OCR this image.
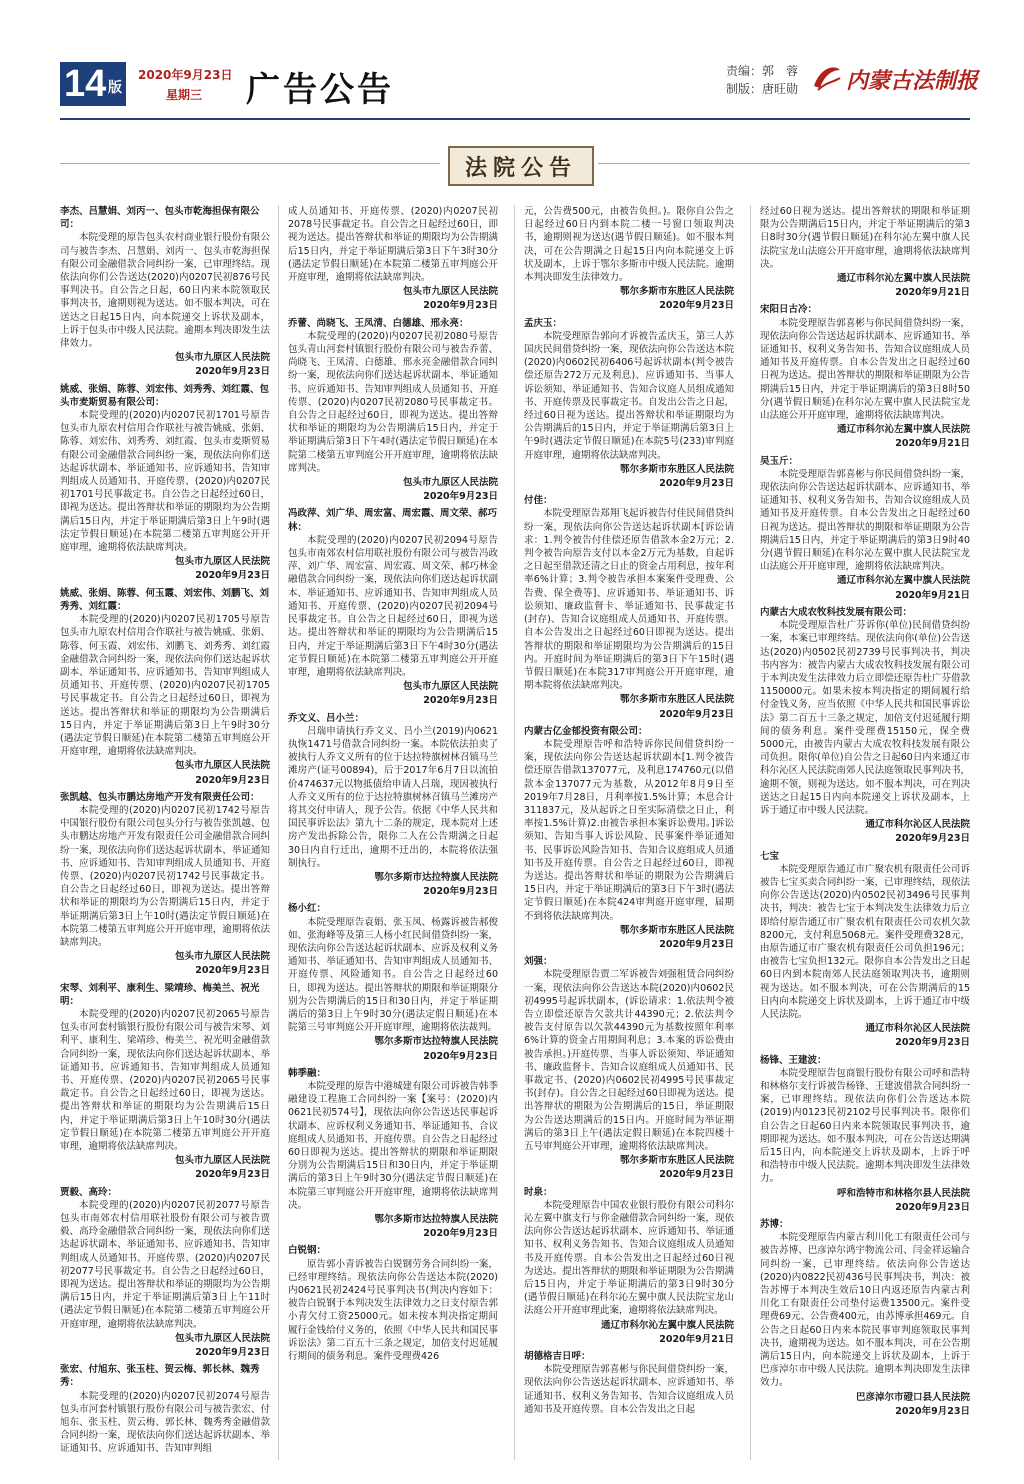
14 版
2020年9月23日
星期三 广告公告	责编：郭　蓉
制版：唐旺勋 内蒙古法制报
法院公告
李杰、吕慧娟、刘丙一、包头市乾海担保有限公司：
本院受理的原告包头农村商业银行股份有限公司与被告李杰、吕慧娟、刘丙一、包头市乾海担保有限公司金融借款合同纠纷一案，已审理终结。现依法向你们公告送达(2020)内0207民初876号民事判决书。自公告之日起，60日内来本院领取民事判决书，逾期则视为送达。如不服本判决，可在送达之日起15日内，向本院递交上诉状及副本，上诉于包头市中级人民法院。逾期本判决即发生法律效力。
包头市九原区人民法院
2020年9月23日
姚威、张娟、陈蓉、刘宏伟、刘秀秀、刘红霞、包头市麦斯贸易有限公司：
本院受理的(2020)内0207民初1701号原告包头市九原农村信用合作联社与被告姚威、张娟、陈蓉、刘宏伟、刘秀秀、刘红霞、包头市麦斯贸易有限公司金融借款合同纠纷一案，现依法向你们送达起诉状副本、举证通知书、应诉通知书、告知审判组成人员通知书、开庭传票、(2020)内0207民初1701号民事裁定书。自公告之日起经过60日，即视为送达。提出答辩状和举证的期限均为公告期满后15日内，并定于举证期满后第3日上午9时(遇法定节假日顺延)在本院第二楼第五审判庭公开开庭审理，逾期将依法缺席判决。
包头市九原区人民法院
2020年9月23日
姚威、张娟、陈蓉、何玉霞、刘宏伟、刘鹏飞、刘秀秀、刘红霞：
本院受理的(2020)内0207民初1705号原告包头市九原农村信用合作联社与被告姚威、张娟、陈蓉、何玉霞、刘宏伟、刘鹏飞、刘秀秀、刘红霞金融借款合同纠纷一案，现依法向你们送达起诉状副本、举证通知书、应诉通知书、告知审判组成人员通知书、开庭传票、(2020)内0207民初1705号民事裁定书。自公告之日起经过60日，即视为送达。提出答辩状和举证的期限均为公告期满后15日内，并定于举证期满后第3日上午9时30分(遇法定节假日顺延)在本院第二楼第五审判庭公开开庭审理，逾期将依法缺席判决。
包头市九原区人民法院
2020年9月23日
张凯越、包头市鹏达房地产开发有限责任公司：
本院受理的(2020)内0207民初1742号原告中国银行股份有限公司包头分行与被告张凯越、包头市鹏达房地产开发有限责任公司金融借款合同纠纷一案，现依法向你们送达起诉状副本、举证通知书、应诉通知书、告知审判组成人员通知书、开庭传票、(2020)内0207民初1742号民事裁定书。自公告之日起经过60日，即视为送达。提出答辩状和举证的期限均为公告期满后15日内，并定于举证期满后第3日上午10时(遇法定节假日顺延)在本院第二楼第五审判庭公开开庭审理，逾期将依法缺席判决。
包头市九原区人民法院
2020年9月23日
宋琴、刘利平、康利生、梁靖珍、梅美兰、祝光明：
本院受理的(2020)内0207民初2065号原告包头市河套村镇银行股份有限公司与被告宋琴、刘利平、康利生、梁靖珍、梅美兰、祝光明金融借款合同纠纷一案，现依法向你们送达起诉状副本、举证通知书、应诉通知书、告知审判组成人员通知书、开庭传票、(2020)内0207民初2065号民事裁定书。自公告之日起经过60日，即视为送达。提出答辩状和举证的期限均为公告期满后15日内，并定于举证期满后第3日上午10时30分(遇法定节假日顺延)在本院第二楼第五审判庭公开开庭审理，逾期将依法缺席判决。
包头市九原区人民法院
2020年9月23日
贾毅、高玲：
本院受理的(2020)内0207民初2077号原告包头市南郊农村信用联社股份有限公司与被告贾毅、高玲金融借款合同纠纷一案，现依法向你们送达起诉状副本、举证通知书、应诉通知书、告知审判组成人员通知书、开庭传票、(2020)内0207民初2077号民事裁定书。自公告之日起经过60日，即视为送达。提出答辩状和举证的期限均为公告期满后15日内，并定于举证期满后第3日上午11时(遇法定节假日顺延)在本院第二楼第五审判庭公开开庭审理，逾期将依法缺席判决。
包头市九原区人民法院
2020年9月23日
张宏、付旭东、张玉柱、贺云梅、郭长林、魏秀秀：
本院受理的(2020)内0207民初2074号原告包头市河套村镇银行股份有限公司与被告张宏、付旭东、张玉柱、贺云梅、郭长林、魏秀秀金融借款合同纠纷一案，现依法向你们送达起诉状副本、举证通知书、应诉通知书、告知审判组
成人员通知书、开庭传票、(2020)内0207民初2078号民事裁定书。自公告之日起经过60日，即视为送达。提出答辩状和举证的期限均为公告期满后15日内，并定于举证期满后第3日下午3时30分(遇法定节假日顺延)在本院第二楼第五审判庭公开开庭审理，逾期将依法缺席判决。
包头市九原区人民法院
2020年9月23日
乔蕾、尚晓飞、王凤清、白德雄、邢永亮：
本院受理的(2020)内0207民初2080号原告包头青山河套村镇银行股份有限公司与被告乔蕾、尚晓飞、王凤清、白德雄、邢永亮金融借款合同纠纷一案，现依法向你们送达起诉状副本、举证通知书、应诉通知书、告知审判组成人员通知书、开庭传票、(2020)内0207民初2080号民事裁定书。自公告之日起经过60日，即视为送达。提出答辩状和举证的期限均为公告期满后15日内，并定于举证期满后第3日下午4时(遇法定节假日顺延)在本院第二楼第五审判庭公开开庭审理，逾期将依法缺席判决。
包头市九原区人民法院
2020年9月23日
冯政萍、刘广华、周宏富、周宏霞、周文荣、郝巧林：
本院受理的(2020)内0207民初2094号原告包头市南郊农村信用联社股份有限公司与被告冯政萍、刘广华、周宏富、周宏霞、周文荣、郝巧林金融借款合同纠纷一案，现依法向你们送达起诉状副本、举证通知书、应诉通知书、告知审判组成人员通知书、开庭传票、(2020)内0207民初2094号民事裁定书。自公告之日起经过60日，即视为送达。提出答辩状和举证的期限均为公告期满后15日内，并定于举证期满后第3日下午4时30分(遇法定节假日顺延)在本院第二楼第五审判庭公开开庭审理，逾期将依法缺席判决。
包头市九原区人民法院
2020年9月23日
乔文义、吕小兰：
吕瑞申请执行乔文义、吕小兰(2019)内0621执恢1471号借款合同纠纷一案。本院依法拍卖了被执行人乔文义所有的位于达拉特旗树林召镇马兰滩房产(证号00894)，后于2017年6月7日以流拍价474637元以物抵债给申请人吕瑞，现因被执行人乔文义所有的位于达拉特旗树林召镇马兰滩房产将其交付申请人，现予公告。依据《中华人民共和国民事诉讼法》第九十二条的规定，现本院对上述房产发出拆除公告，限你二人在公告期满之日起30日内自行迁出，逾期不迁出的，本院将依法强制执行。
鄂尔多斯市达拉特旗人民法院
2020年9月23日
杨小红：
本院受理原告袁娟、张玉凤、杨露诉被告郝俊如、张海峰等及第三人杨小红民间借贷纠纷一案，现依法向你公告送达起诉状副本、应诉及权利义务通知书、举证通知书、告知审判组成人员通知书、开庭传票、风险通知书。自公告之日起经过60日，即视为送达。提出答辩状的期限和举证期限分别为公告期满后的15日和30日内，并定于举证期满后的第3日上午9时30分(遇法定假日顺延)在本院第三号审判庭公开开庭审理，逾期将依法裁判。
鄂尔多斯市达拉特旗人民法院
2020年9月23日
韩季融：
本院受理的原告中港城建有限公司诉被告韩季融建设工程施工合同纠纷一案【案号：(2020)内0621民初574号】，现依法向你公告送达民事起诉状副本、应诉权利义务通知书、举证通知书、合议庭组成人员通知书、开庭传票。自公告之日起经过60日即视为送达。提出答辩状的期限和举证期限分别为公告期满后15日和30日内，并定于举证期满后的第3日上午9时30分(遇法定节假日顺延)在本院第三审判庭公开开庭审理，逾期将依法缺席判决。
鄂尔多斯市达拉特旗人民法院
2020年9月23日
白锐钢：
原告郭小青诉被告白锐钢劳务合同纠纷一案，已经审理终结。现依法向你公告送达本院(2020)内0621民初2424号民事判决书(判决内容如下：被告白锐钢于本判决发生法律效力之日支付原告郭小青欠付工资25000元。如未按本判决指定期间履行金钱给付义务的，依照《中华人民共和国民事诉讼法》第二百五十三条之规定，加倍支付迟延履行期间的债务利息。案件受理费426
元，公告费500元，由被告负担。)。限你自公告之日起经过60日内到本院二楼一号窗口领取判决书，逾期则视为送达(遇节假日顺延)。如不服本判决，可在公告期满之日起15日内向本院递交上诉状及副本，上诉于鄂尔多斯市中级人民法院。逾期本判决即发生法律效力。
鄂尔多斯市东胜区人民法院
2020年9月23日
孟庆玉：
本院受理原告郭向才诉被告孟庆玉，第三人苏国庆民间借贷纠纷一案，现依法向你公告送达本院(2020)内0602民初6406号起诉状副本(判令被告偿还原告272万元及利息)、应诉通知书、当事人诉讼须知、举证通知书、告知合议庭人员组成通知书、开庭传票及民事裁定书。自发出公告之日起，经过60日视为送达。提出答辩状和举证期限均为公告期满后的15日内，并定于举证期满后第3日上午9时(遇法定节假日顺延)在本院5号(233)审判庭开庭审理，逾期将依法缺席判决。
鄂尔多斯市东胜区人民法院
2020年9月23日
付佳：
本院受理原告郑翔飞起诉被告付佳民间借贷纠纷一案，现依法向你公告送达起诉状副本[诉讼请求：1.判令被告付佳偿还原告借款本金2万元；2.判令被告向原告支付以本金2万元为基数，自起诉之日起至借款还清之日止的资金占用利息，按年利率6%计算；3.判令被告承担本案案件受理费、公告费、保全费等]、应诉通知书、举证通知书、诉讼须知、廉政监督卡、举证通知书、民事裁定书(封存)、告知合议庭组成人员通知书、开庭传票。自本公告发出之日起经过60日即视为送达。提出答辩状的期限和举证期限均为公告期满后的15日内。开庭时间为举证期满后的第3日下午15时(遇节假日顺延)在本院317审判庭公开开庭审理，逾期本院将依法缺席判决。
鄂尔多斯市东胜区人民法院
2020年9月23日
内蒙古亿金郁投资有限公司：
本院受理原告呼和浩特诉你民间借贷纠纷一案，现依法向你公告送达起诉状副本[1.判令被告偿还原告借款137077元，及利息174760元(以借款本金137077元为基数，从2012年8月9日至2019年7月28日，月利率按1.5%计算；本息合计311837元，及从起诉之日至实际清偿之日止，利率按1.5%计算)2.由被告承担本案诉讼费用。]诉讼须知、告知当事人诉讼风险、民事案件举证通知书、民事诉讼风险告知书、告知合议庭组成人员通知书及开庭传票。自公告之日起经过60日，即视为送达。提出答辩状和举证的期限为公告期满后15日内，并定于举证期满后的第3日下午3时(遇法定节假日顺延)在本院424审判庭开庭审理，届期不到将依法缺席判决。
鄂尔多斯市东胜区人民法院
2020年9月23日
刘强：
本院受理原告贾二军诉被告刘强租赁合同纠纷一案，现依法向你公告送达本院(2020)内0602民初4995号起诉状副本，(诉讼请求：1.依法判令被告立即偿还原告欠款共计44390元；2.依法判令被告支付原告以欠款44390元为基数按照年利率6%计算的资金占用期间利息；3.本案的诉讼费由被告承担。)开庭传票、当事人诉讼须知、举证通知书、廉政监督卡、告知合议庭组成人员通知书、民事裁定书、(2020)内0602民初4995号民事裁定书(封存)。自公告之日起经过60日即视为送达。提出答辩状的期限为公告期满后的15日，举证期限为公告送达期满后的15日内。开庭时间为举证期满后的第3日上午(遇法定假日顺延)在本院四楼十五号审判庭公开审理，逾期将依法缺席判决。
鄂尔多斯市东胜区人民法院
2020年9月23日
时泉：
本院受理原告中国农业银行股份有限公司科尔沁左翼中旗支行与你金融借款合同纠纷一案，现依法向你公告送达起诉状副本、应诉通知书、举证通知书、权利义务告知书、告知合议庭组成人员通知书及开庭传票。自本公告发出之日起经过60日视为送达。提出答辩状的期限和举证期限为公告期满后15日内，并定于举证期满后的第3日9时30分(遇节假日顺延)在科尔沁左翼中旗人民法院宝龙山法庭公开开庭审理此案，逾期将依法缺席判决。
通辽市科尔沁左翼中旗人民法院
2020年9月21日
胡德格吉日呼：
本院受理原告郭喜彬与你民间借贷纠纷一案，现依法向你公告送达起诉状副本、应诉通知书、举证通知书、权利义务告知书、告知合议庭组成人员通知书及开庭传票。自本公告发出之日起
经过60日视为送达。提出答辩状的期限和举证期限为公告期满后15日内，并定于举证期满后的第3日8时30分(遇节假日顺延)在科尔沁左翼中旗人民法院宝龙山法庭公开开庭审理，逾期将依法缺席判决。
通辽市科尔沁左翼中旗人民法院
2020年9月21日
宋阳日古冷：
本院受理原告郭喜彬与你民间借贷纠纷一案，现依法向你公告送达起诉状副本、应诉通知书、举证通知书、权利义务告知书、告知合议庭组成人员通知书及开庭传票。自本公告发出之日起经过60日视为送达。提出答辩状的期限和举证期限为公告期满后15日内，并定于举证期满后的第3日8时50分(遇节假日顺延)在科尔沁左翼中旗人民法院宝龙山法庭公开开庭审理，逾期将依法缺席判决。
通辽市科尔沁左翼中旗人民法院
2020年9月21日
吴玉斤：
本院受理原告郭喜彬与你民间借贷纠纷一案，现依法向你公告送达起诉状副本、应诉通知书、举证通知书、权利义务告知书、告知合议庭组成人员通知书及开庭传票。自本公告发出之日起经过60日视为送达。提出答辩状的期限和举证期限为公告期满后15日内，并定于举证期满后的第3日9时40分(遇节假日顺延)在科尔沁左翼中旗人民法院宝龙山法庭公开开庭审理，逾期将依法缺席判决。
通辽市科尔沁左翼中旗人民法院
2020年9月21日
内蒙古大成农牧科技发展有限公司：
本院受理原告杜广芬诉你(单位)民间借贷纠纷一案，本案已审理终结。现依法向你(单位)公告送达(2020)内0502民初2739号民事判决书，判决书内容为：被告内蒙古大成农牧科技发展有限公司于本判决发生法律效力后立即偿还原告杜广芬借款1150000元。如果未按本判决指定的期间履行给付金钱义务，应当依照《中华人民共和国民事诉讼法》第二百五十三条之规定，加倍支付迟延履行期间的债务利息。案件受理费15150元，保全费5000元，由被告内蒙古大成农牧科技发展有限公司负担。限你(单位)自公告之日起60日内来通辽市科尔沁区人民法院南郊人民法庭领取民事判决书，逾期不领，则视为送达。如不服本判决，可在判决送达之日起15日内向本院递交上诉状及副本，上诉于通辽市中级人民法院。
通辽市科尔沁区人民法院
2020年9月23日
七宝
本院受理原告通辽市广聚农机有限责任公司诉被告七宝买卖合同纠纷一案，已审理终结，现依法向你公告送达(2020)内0502民初3496号民事判决书，判决：被告七宝于本判决发生法律效力后立即给付原告通辽市广聚农机有限责任公司农机欠款8200元，支付利息5068元。案件受理费328元，由原告通辽市广聚农机有限责任公司负担196元；由被告七宝负担132元。限你自本公告发出之日起60日内到本院南郊人民法庭领取判决书，逾期则视为送达。如不服本判决，可在公告期满后的15日内向本院递交上诉状及副本，上诉于通辽市中级人民法院。
通辽市科尔沁区人民法院
2020年9月23日
杨锋、王建波：
本院受理原告包商银行股份有限公司呼和浩特和林格尔支行诉被告杨锋、王建波借款合同纠纷一案，已审理终结。现依法向你们公告送达本院(2019)内0123民初2102号民事判决书。限你们自公告之日起60日内来本院领取民事判决书，逾期即视为送达。如不服本判决，可在公告送达期满后15日内，向本院递交上诉状及副本，上诉于呼和浩特市中级人民法院。逾期本判决即发生法律效力。
呼和浩特市和林格尔县人民法院
2020年9月23日
苏博：
本院受理原告内蒙古利川化工有限责任公司与被告苏博、巴彦淖尔鸿宇物流公司、闫金祥运输合同纠纷一案，已审理终结。依法向你公告送达(2020)内0822民初436号民事判决书，判决：被告苏博于本判决生效后10日内返还原告内蒙古利川化工有限责任公司垫付运费13500元。案件受理费69元、公告费400元，由苏博承担469元。自公告之日起60日内来本院民事审判庭领取民事判决书，逾期视为送达。如不服本判决，可在公告期满后15日内，向本院递交上诉状及副本，上诉于巴彦淖尔市中级人民法院。逾期本判决即发生法律效力。
巴彦淖尔市磴口县人民法院
2020年9月23日
